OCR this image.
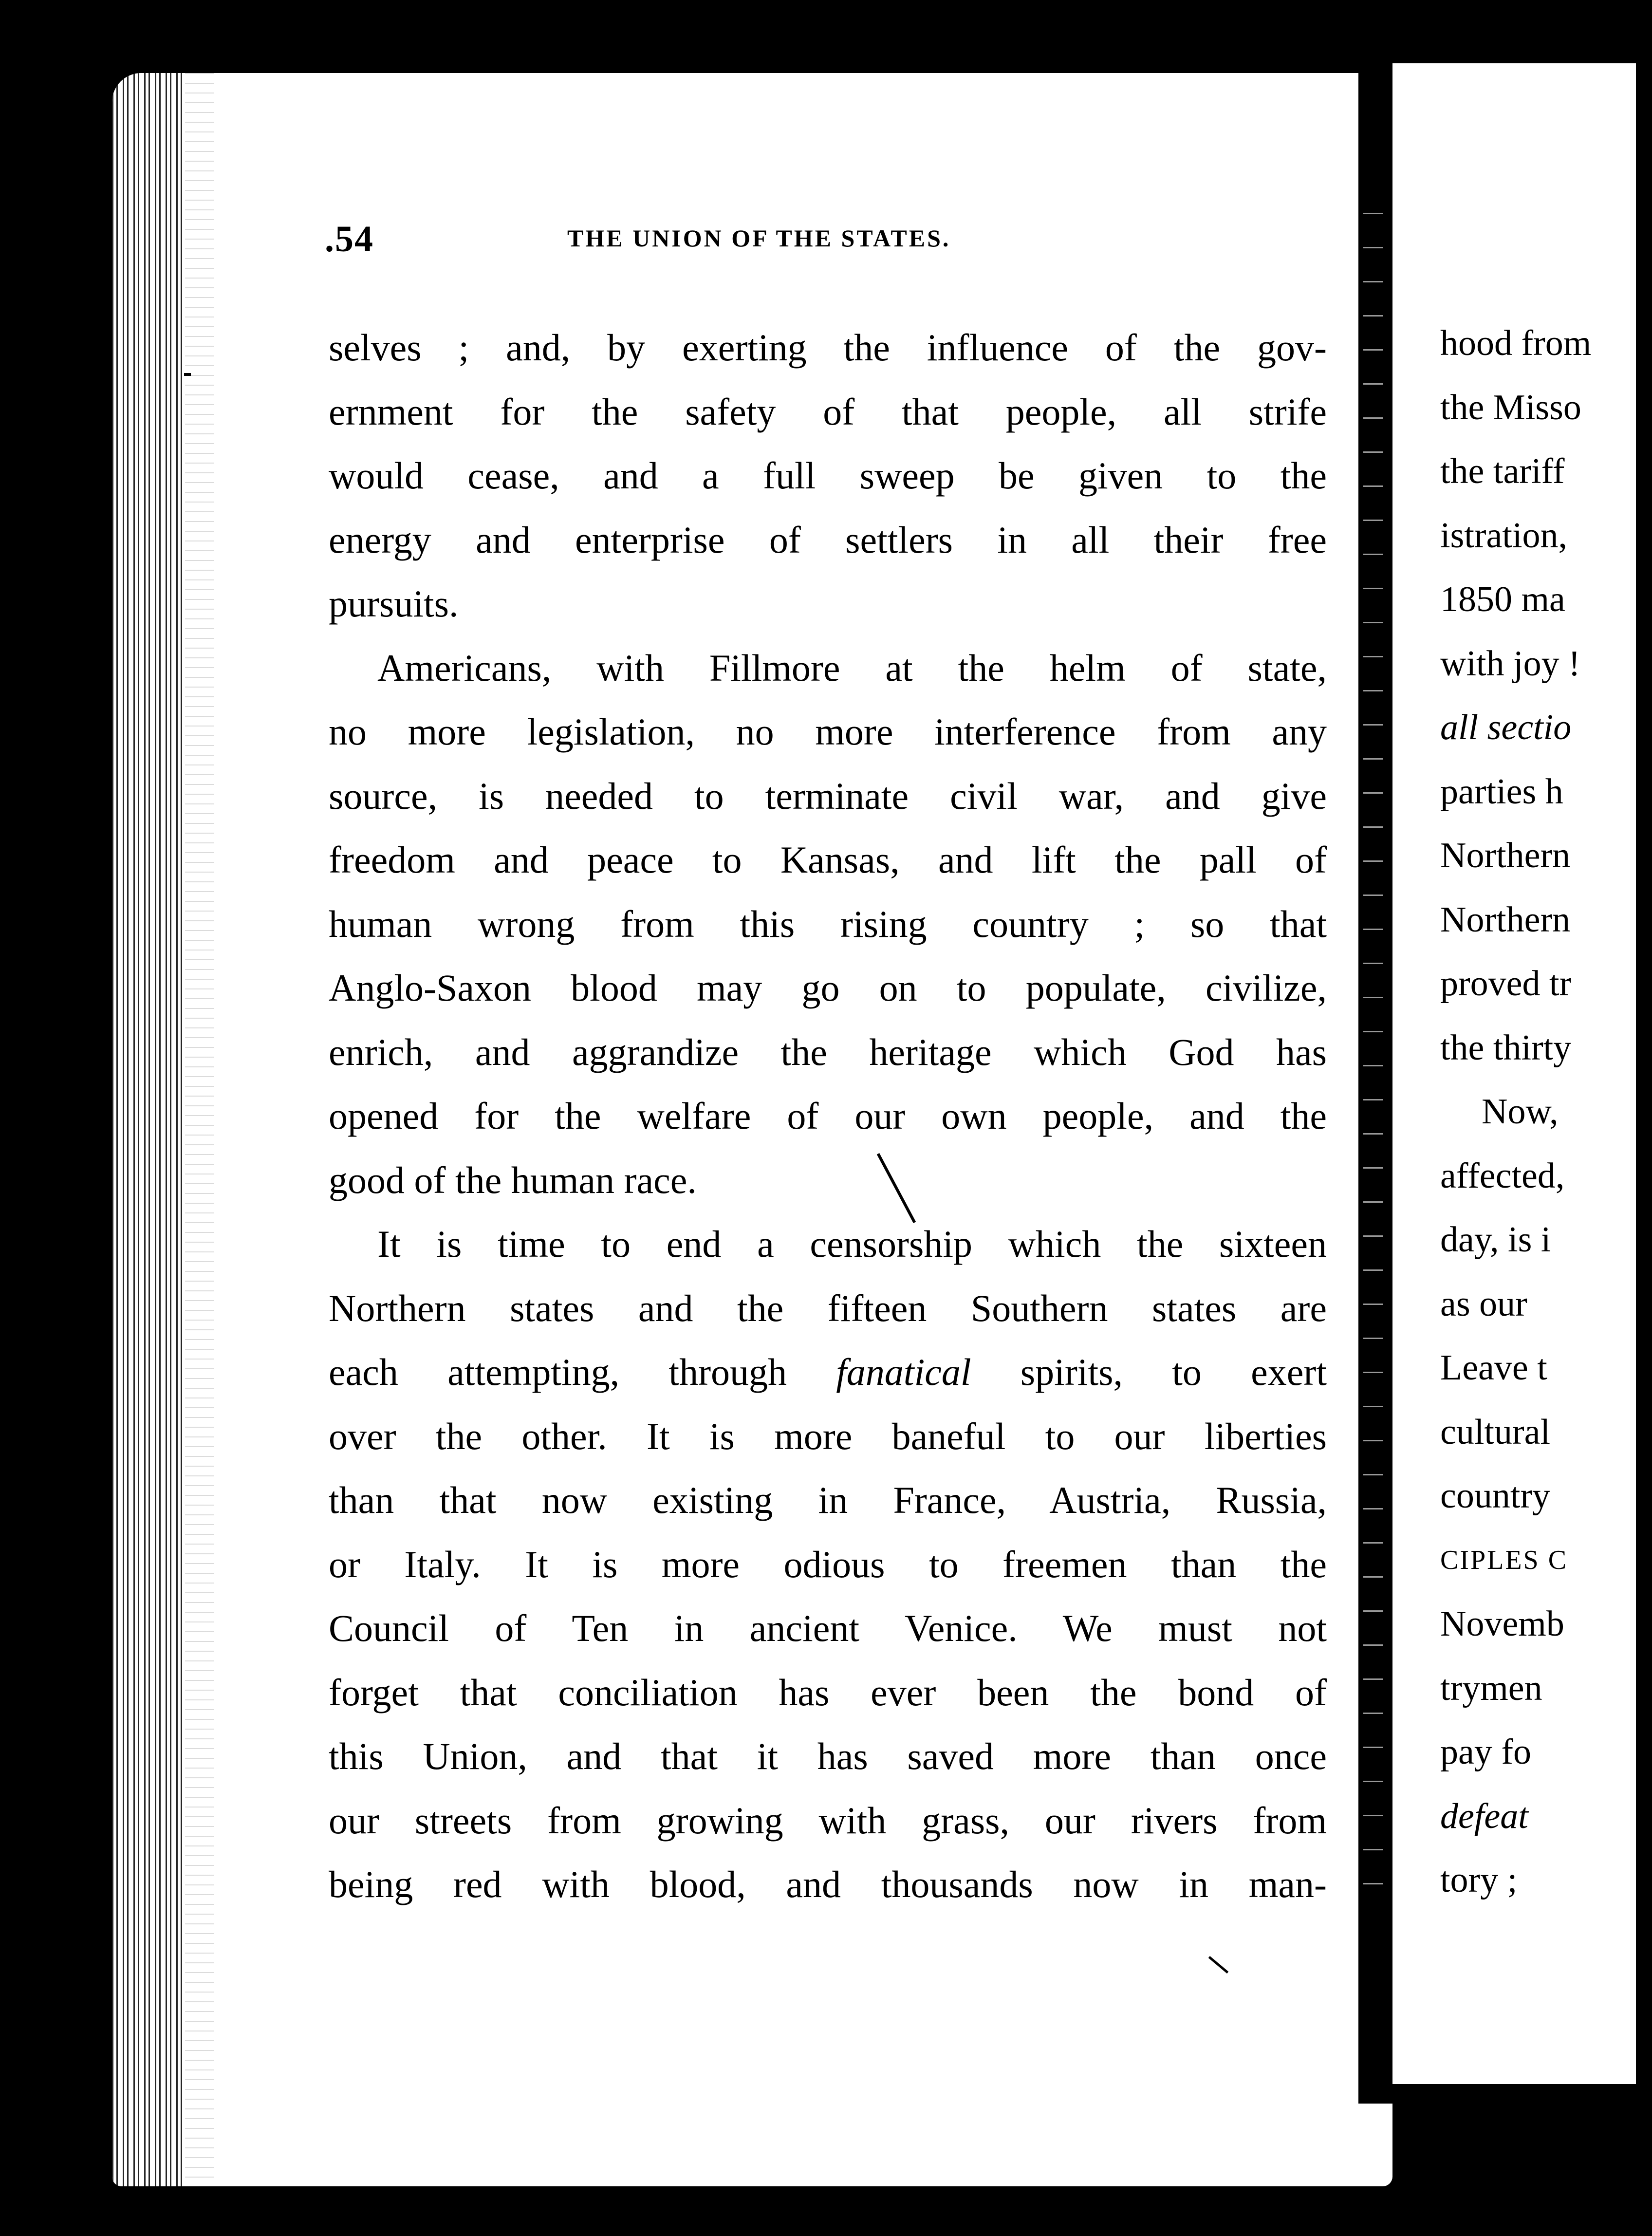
.54	THE UNION OF THE STATES.
selves ; and, by exerting the influence of the gov-
ernment for the safety of that people, all strife
would cease, and a full sweep be given to the
energy and enterprise of settlers in all their free
pursuits.
Americans, with Fillmore at the helm of state,
no more legislation, no more interference from any
source, is needed to terminate civil war, and give
freedom and peace to Kansas, and lift the pall of
human wrong from this rising country ; so that
Anglo-Saxon blood may go on to populate, civilize,
enrich, and aggrandize the heritage which God has
opened for the welfare of our own people, and the
good of the human race.
It is time to end a censorship which the sixteen
Northern states and the fifteen Southern states are
each attempting, through fanatical spirits, to exert
over the other. It is more baneful to our liberties
than that now existing in France, Austria, Russia,
or Italy. It is more odious to freemen than the
Council of Ten in ancient Venice. We must not
forget that conciliation has ever been the bond of
this Union, and that it has saved more than once
our streets from growing with grass, our rivers from
being red with blood, and thousands now in man-
hood from
the Misso
the tariff
istration,
1850 ma
with joy !
all sectio
parties h
Northern
Northern
proved tr
the thirty
Now,
affected,
day, is i
as our
Leave t
cultural
country
CIPLES C
Novemb
trymen
pay fo
defeat
tory ;
